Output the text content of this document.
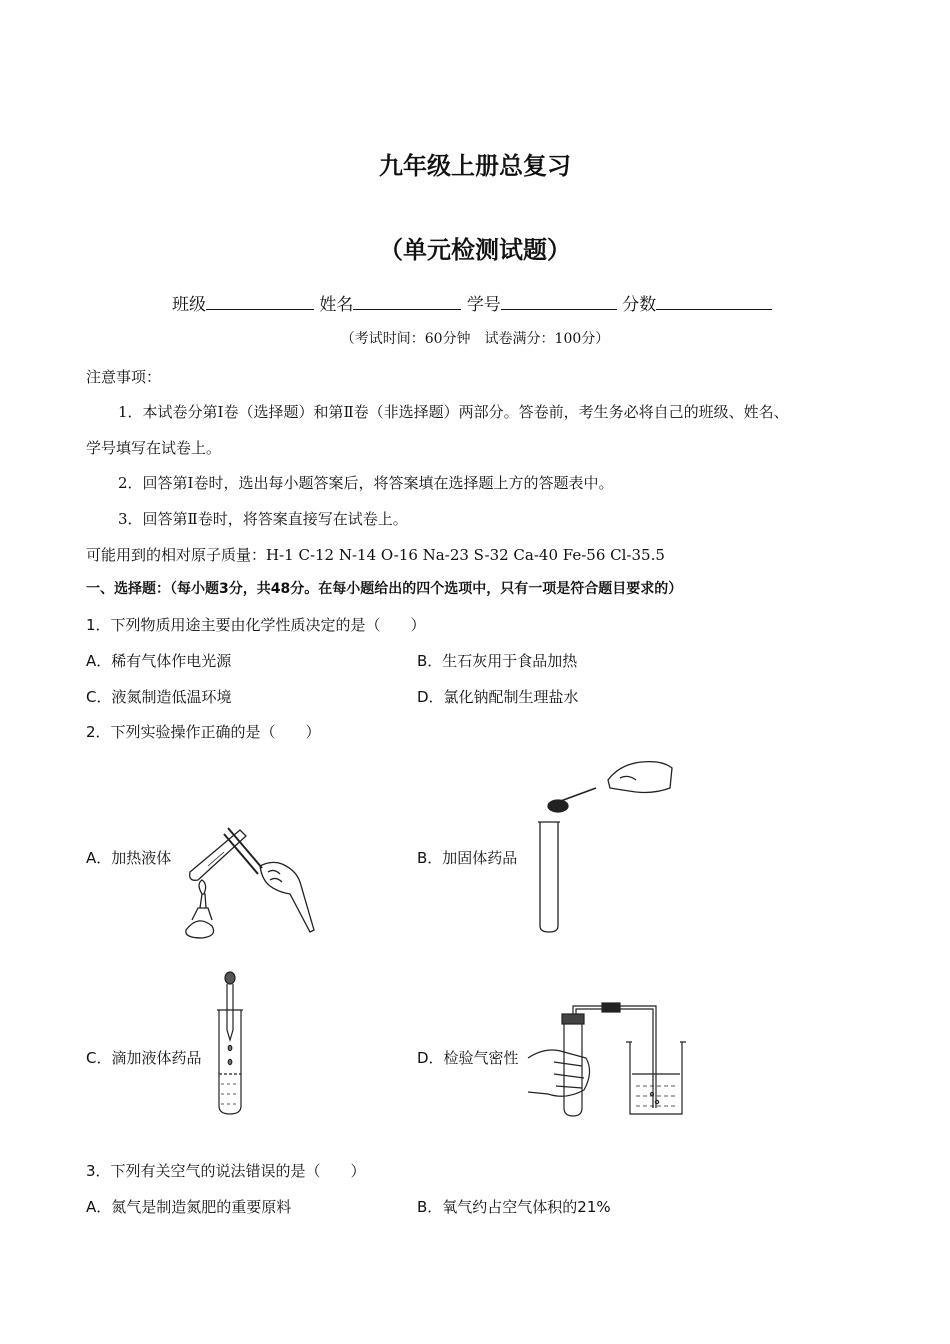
九年级上册总复习
（单元检测试题）
班级	姓名	学号	分数
（考试时间：60分钟　试卷满分：100分）
注意事项：
1．本试卷分第Ⅰ卷（选择题）和第Ⅱ卷（非选择题）两部分。答卷前，考生务必将自己的班级、姓名、
学号填写在试卷上。
2．回答第Ⅰ卷时，选出每小题答案后，将答案填在选择题上方的答题表中。
3．回答第Ⅱ卷时，将答案直接写在试卷上。
可能用到的相对原子质量：H-1 C-12 N-14 O-16 Na-23 S-32 Ca-40 Fe-56 Cl-35.5
一、选择题：（每小题3分，共48分。在每小题给出的四个选项中，只有一项是符合题目要求的）
1．下列物质用途主要由化学性质决定的是（　　）
A．稀有气体作电光源	B．生石灰用于食品加热
C．液氮制造低温环境	D．氯化钠配制生理盐水
2．下列实验操作正确的是（　　）
A．加热液体	B．加固体药品
C．滴加液体药品	D．检验气密性
3．下列有关空气的说法错误的是（　　）
A．氮气是制造氮肥的重要原料	B．氧气约占空气体积的21%
